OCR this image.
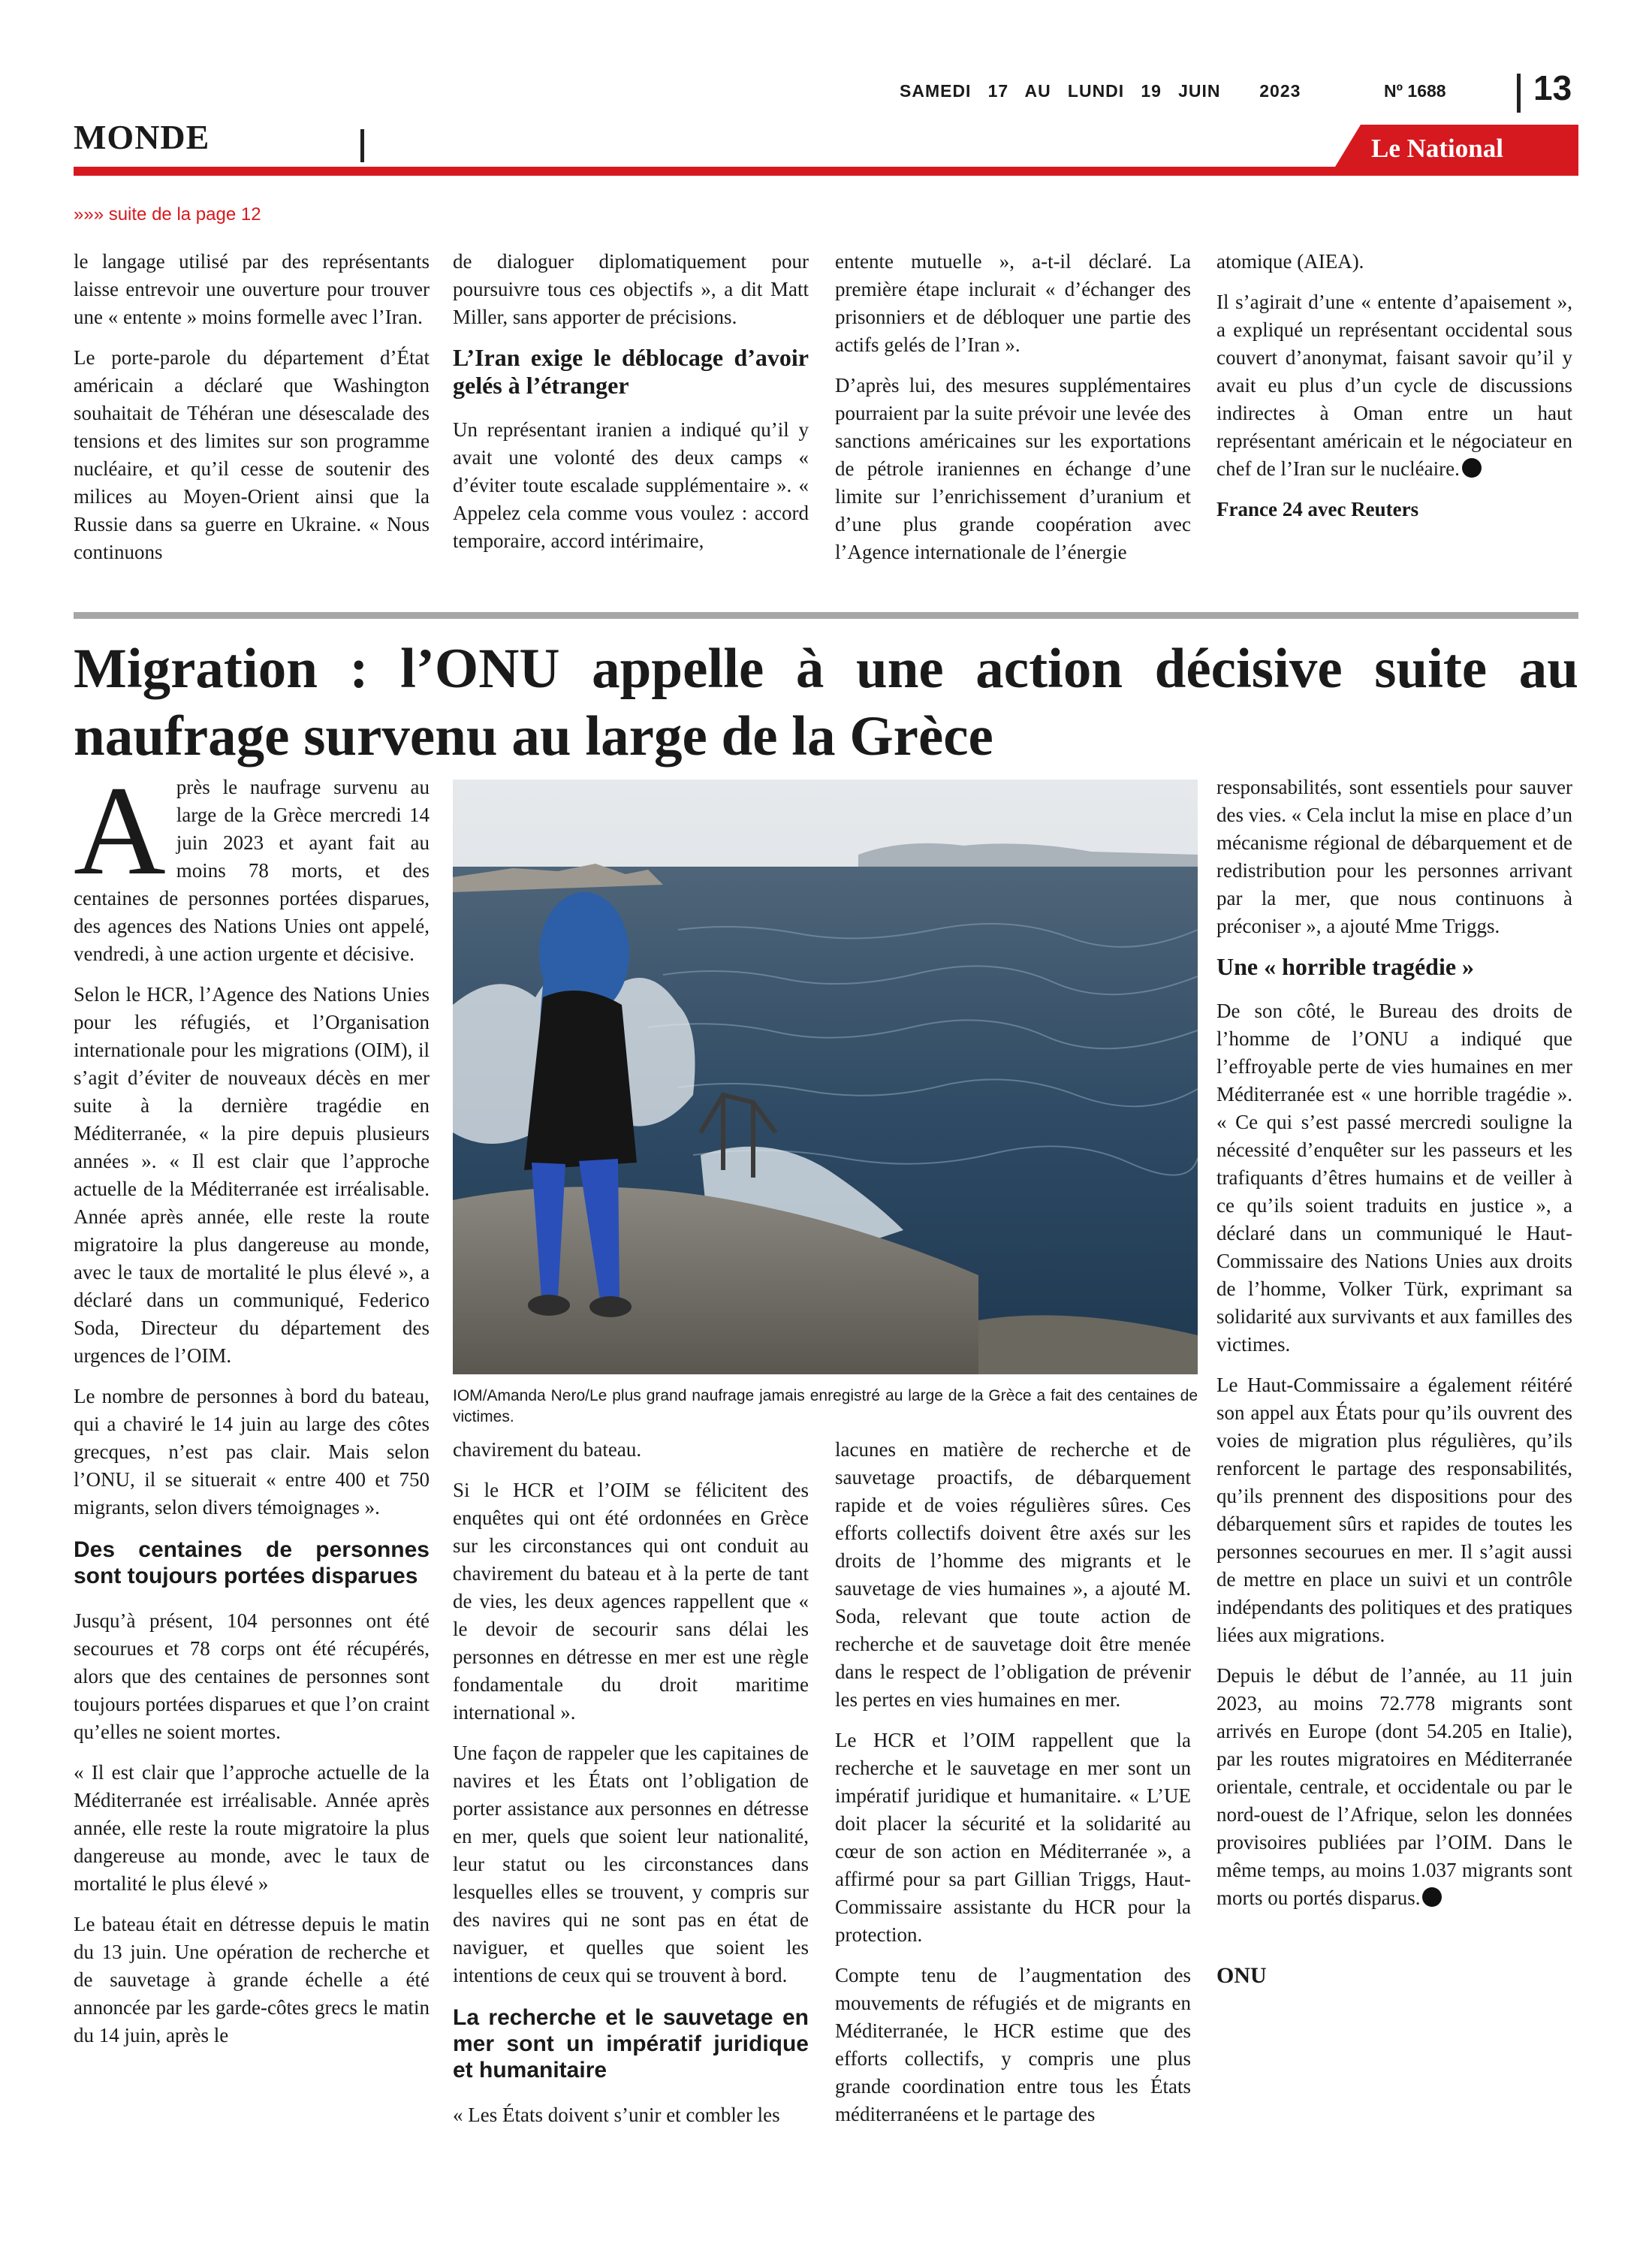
SAMEDI   17   AU   LUNDI   19   JUIN       2023	Nº 1688	13
MONDE	Le National
»»» suite de la page 12

le langage utilisé par des représentants laisse entrevoir une ouverture pour trouver une « entente » moins formelle avec l’Iran.

Le porte-parole du département d’État américain a déclaré que Washington souhaitait de Téhéran une désescalade des tensions et des limites sur son programme nucléaire, et qu’il cesse de soutenir des milices au Moyen-Orient ainsi que la Russie dans sa guerre en Ukraine. « Nous continuons

de dialoguer diplomatiquement pour poursuivre tous ces objectifs », a dit Matt Miller, sans apporter de précisions.

L’Iran exige le déblocage d’avoir gelés à l’étranger

Un représentant iranien a indiqué qu’il y avait une volonté des deux camps « d’éviter toute escalade supplémentaire ». « Appelez cela comme vous voulez : accord temporaire, accord intérimaire,

entente mutuelle », a-t-il déclaré. La première étape inclurait « d’échanger des prisonniers et de débloquer une partie des actifs gelés de l’Iran ».

D’après lui, des mesures supplémentaires pourraient par la suite prévoir une levée des sanctions américaines sur les exportations de pétrole iraniennes en échange d’une limite sur l’enrichissement d’uranium et d’une plus grande coopération avec l’Agence internationale de l’énergie

atomique (AIEA).

Il s’agirait d’une « entente d’apaisement », a expliqué un représentant occidental sous couvert d’anonymat, faisant savoir qu’il y avait eu plus d’un cycle de discussions indirectes à Oman entre un haut représentant américain et le négociateur en chef de l’Iran sur le nucléaire.

France 24 avec Reuters

Migration : l’ONU appelle à une action décisive suite au naufrage survenu au large de la Grèce

Après le naufrage survenu au large de la Grèce mercredi 14 juin 2023 et ayant fait au moins 78 morts, et des centaines de personnes portées disparues, des agences des Nations Unies ont appelé, vendredi, à une action urgente et décisive.

Selon le HCR, l’Agence des Nations Unies pour les réfugiés, et l’Organisation internationale pour les migrations (OIM), il s’agit d’éviter de nouveaux décès en mer suite à la dernière tragédie en Méditerranée, « la pire depuis plusieurs années ». « Il est clair que l’approche actuelle de la Méditerranée est irréalisable. Année après année, elle reste la route migratoire la plus dangereuse au monde, avec le taux de mortalité le plus élevé », a déclaré dans un communiqué, Federico Soda, Directeur du département des urgences de l’OIM.

Le nombre de personnes à bord du bateau, qui a chaviré le 14 juin au large des côtes grecques, n’est pas clair. Mais selon l’ONU, il se situerait « entre 400 et 750 migrants, selon divers témoignages ».

Des centaines de personnes sont toujours portées disparues

Jusqu’à présent, 104 personnes ont été secourues et 78 corps ont été récupérés, alors que des centaines de personnes sont toujours portées disparues et que l’on craint qu’elles ne soient mortes.

« Il est clair que l’approche actuelle de la Méditerranée est irréalisable. Année après année, elle reste la route migratoire la plus dangereuse au monde, avec le taux de mortalité le plus élevé »

Le bateau était en détresse depuis le matin du 13 juin. Une opération de recherche et de sauvetage à grande échelle a été annoncée par les garde-côtes grecs le matin du 14 juin, après le

IOM/Amanda Nero/Le plus grand naufrage jamais enregistré au large de la Grèce a fait des centaines de victimes.

chavirement du bateau.

Si le HCR et l’OIM se félicitent des enquêtes qui ont été ordonnées en Grèce sur les circonstances qui ont conduit au chavirement du bateau et à la perte de tant de vies, les deux agences rappellent que « le devoir de secourir sans délai les personnes en détresse en mer est une règle fondamentale du droit maritime international ».

Une façon de rappeler que les capitaines de navires et les États ont l’obligation de porter assistance aux personnes en détresse en mer, quels que soient leur nationalité, leur statut ou les circonstances dans lesquelles elles se trouvent, y compris sur des navires qui ne sont pas en état de naviguer, et quelles que soient les intentions de ceux qui se trouvent à bord.

La recherche et le sauvetage en mer sont un impératif juridique et humanitaire

« Les États doivent s’unir et combler les

lacunes en matière de recherche et de sauvetage proactifs, de débarquement rapide et de voies régulières sûres. Ces efforts collectifs doivent être axés sur les droits de l’homme des migrants et le sauvetage de vies humaines », a ajouté M. Soda, relevant que toute action de recherche et de sauvetage doit être menée dans le respect de l’obligation de prévenir les pertes en vies humaines en mer.

Le HCR et l’OIM rappellent que la recherche et le sauvetage en mer sont un impératif juridique et humanitaire. « L’UE doit placer la sécurité et la solidarité au cœur de son action en Méditerranée », a affirmé pour sa part Gillian Triggs, Haut-Commissaire assistante du HCR pour la protection.

Compte tenu de l’augmentation des mouvements de réfugiés et de migrants en Méditerranée, le HCR estime que des efforts collectifs, y compris une plus grande coordination entre tous les États méditerranéens et le partage des

responsabilités, sont essentiels pour sauver des vies. « Cela inclut la mise en place d’un mécanisme régional de débarquement et de redistribution pour les personnes arrivant par la mer, que nous continuons à préconiser », a ajouté Mme Triggs.

Une « horrible tragédie »

De son côté, le Bureau des droits de l’homme de l’ONU a indiqué que l’effroyable perte de vies humaines en mer Méditerranée est « une horrible tragédie ». « Ce qui s’est passé mercredi souligne la nécessité d’enquêter sur les passeurs et les trafiquants d’êtres humains et de veiller à ce qu’ils soient traduits en justice », a déclaré dans un communiqué le Haut-Commissaire des Nations Unies aux droits de l’homme, Volker Türk, exprimant sa solidarité aux survivants et aux familles des victimes.

Le Haut-Commissaire a également réitéré son appel aux États pour qu’ils ouvrent des voies de migration plus régulières, qu’ils renforcent le partage des responsabilités, qu’ils prennent des dispositions pour des débarquement sûrs et rapides de toutes les personnes secourues en mer. Il s’agit aussi de mettre en place un suivi et un contrôle indépendants des politiques et des pratiques liées aux migrations.

Depuis le début de l’année, au 11 juin 2023, au moins 72.778 migrants sont arrivés en Europe (dont 54.205 en Italie), par les routes migratoires en Méditerranée orientale, centrale, et occidentale ou par le nord-ouest de l’Afrique, selon les données provisoires publiées par l’OIM. Dans le même temps, au moins 1.037 migrants sont morts ou portés disparus.

ONU
